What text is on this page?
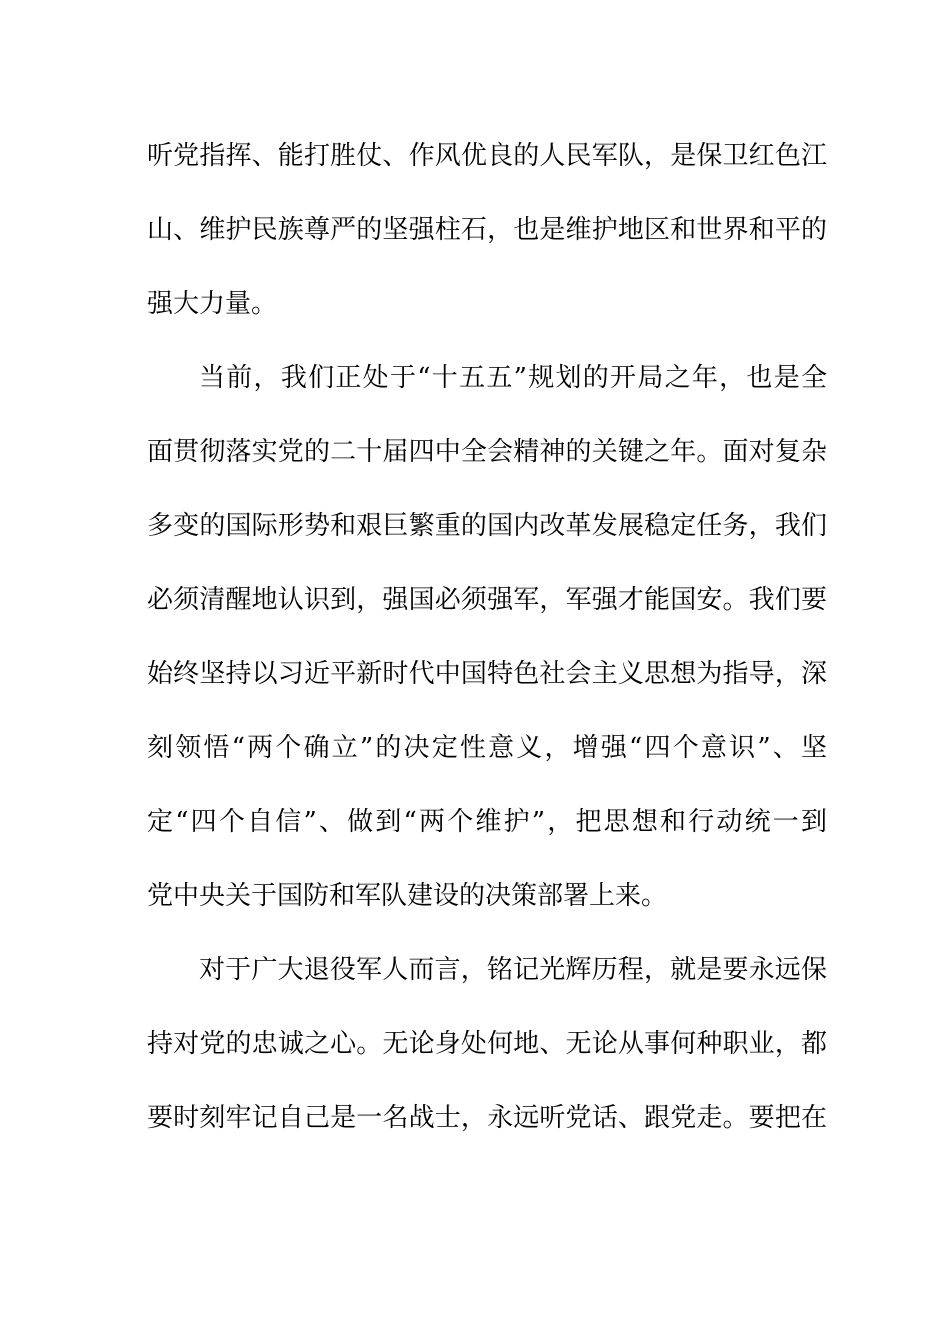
听党指挥、能打胜仗、作风优良的人民军队，是保卫红色江
山、维护民族尊严的坚强柱石，也是维护地区和世界和平的
强大力量。
当前，我们正处于“十五五”规划的开局之年，也是全
面贯彻落实党的二十届四中全会精神的关键之年。面对复杂
多变的国际形势和艰巨繁重的国内改革发展稳定任务，我们
必须清醒地认识到，强国必须强军，军强才能国安。我们要
始终坚持以习近平新时代中国特色社会主义思想为指导，深
刻领悟“两个确立”的决定性意义，增强“四个意识”、坚
定“四个自信”、做到“两个维护”，把思想和行动统一到
党中央关于国防和军队建设的决策部署上来。
对于广大退役军人而言，铭记光辉历程，就是要永远保
持对党的忠诚之心。无论身处何地、无论从事何种职业，都
要时刻牢记自己是一名战士，永远听党话、跟党走。要把在
